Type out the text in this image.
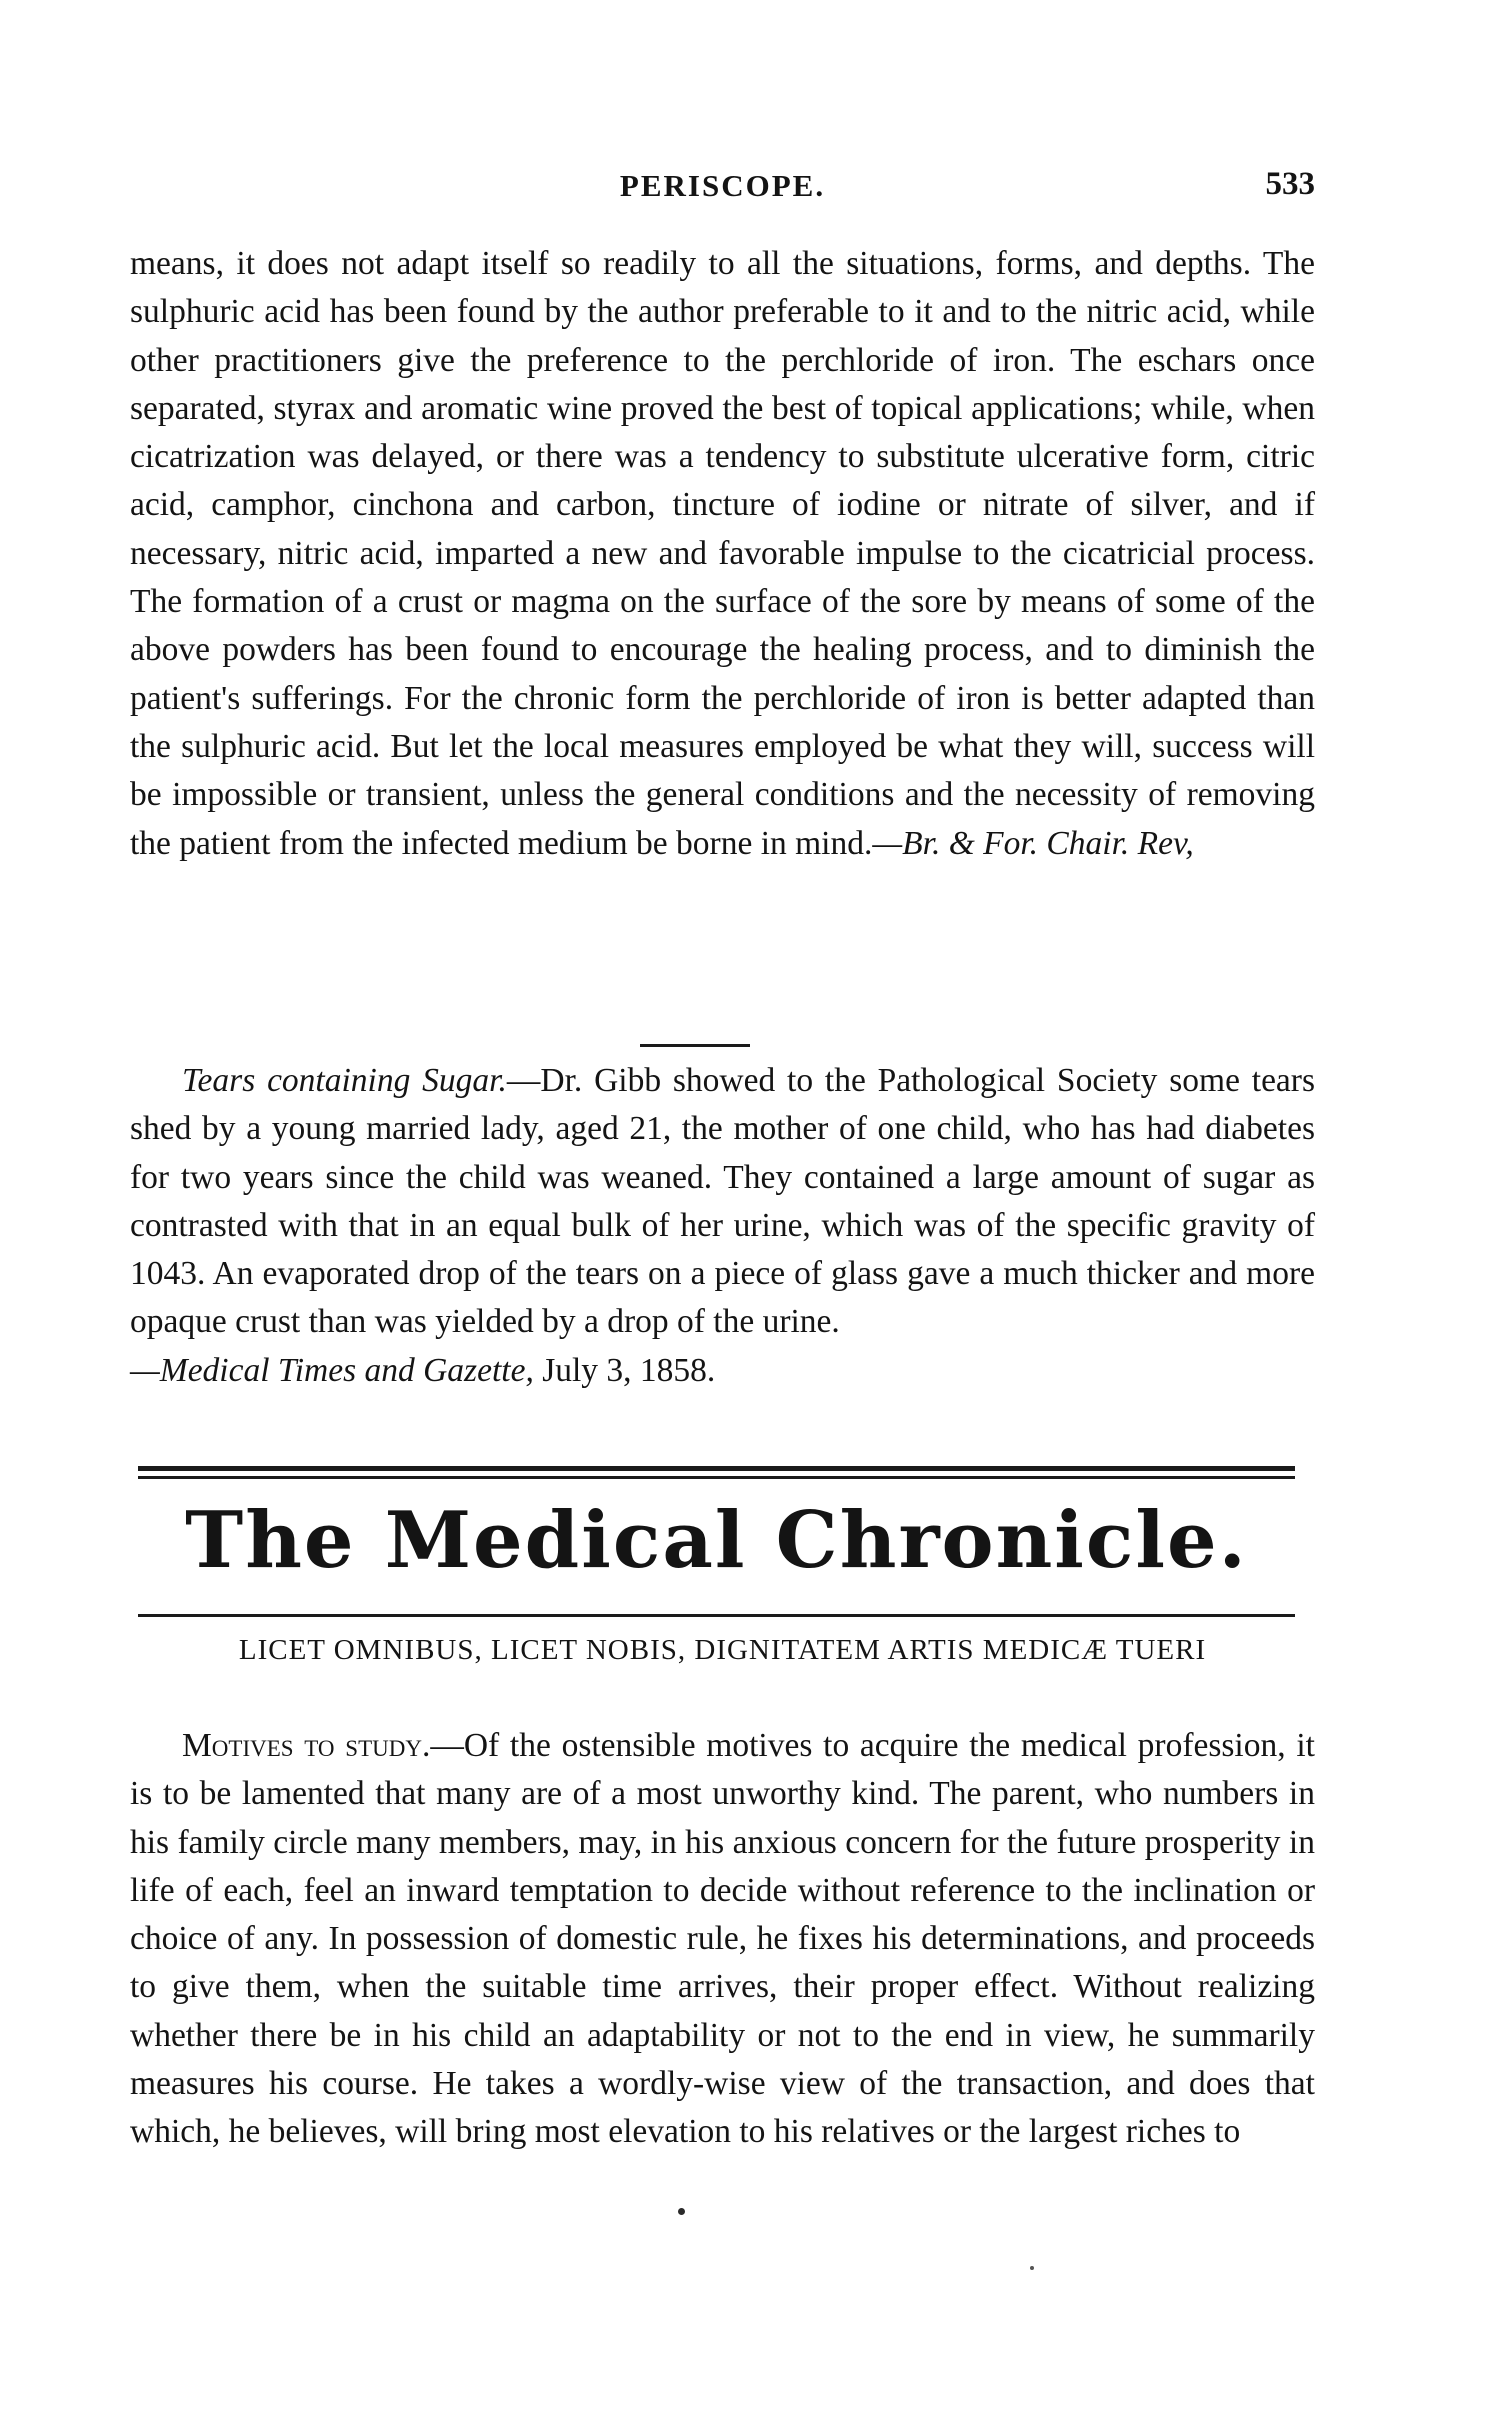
PERISCOPE.	533

means, it does not adapt itself so readily to all the situations, forms, and depths. The sulphuric acid has been found by the author preferable to it and to the nitric acid, while other practitioners give the preference to the perchloride of iron. The eschars once separated, styrax and aromatic wine proved the best of topical applications; while, when cicatrization was delayed, or there was a tendency to substitute ulcerative form, citric acid, camphor, cinchona and carbon, tincture of iodine or nitrate of silver, and if necessary, nitric acid, imparted a new and favorable impulse to the cicatricial process. The formation of a crust or magma on the surface of the sore by means of some of the above powders has been found to encourage the healing process, and to diminish the patient's sufferings. For the chronic form the perchloride of iron is better adapted than the sulphuric acid. But let the local measures employed be what they will, success will be impossible or transient, unless the general conditions and the necessity of removing the patient from the infected medium be borne in mind.—Br. & For. Chair. Rev,

Tears containing Sugar.—Dr. Gibb showed to the Pathological Society some tears shed by a young married lady, aged 21, the mother of one child, who has had diabetes for two years since the child was weaned. They contained a large amount of sugar as contrasted with that in an equal bulk of her urine, which was of the specific gravity of 1043. An evaporated drop of the tears on a piece of glass gave a much thicker and more opaque crust than was yielded by a drop of the urine.
—Medical Times and Gazette, July 3, 1858.

The Medical Chronicle.
LICET OMNIBUS, LICET NOBIS, DIGNITATEM ARTIS MEDICÆ TUERI

Motives to study.—Of the ostensible motives to acquire the medical profession, it is to be lamented that many are of a most unworthy kind. The parent, who numbers in his family circle many members, may, in his anxious concern for the future prosperity in life of each, feel an inward temptation to decide without reference to the inclination or choice of any. In possession of domestic rule, he fixes his determinations, and proceeds to give them, when the suitable time arrives, their proper effect. Without realizing whether there be in his child an adaptability or not to the end in view, he summarily measures his course. He takes a wordly-wise view of the transaction, and does that which, he believes, will bring most elevation to his relatives or the largest riches to
